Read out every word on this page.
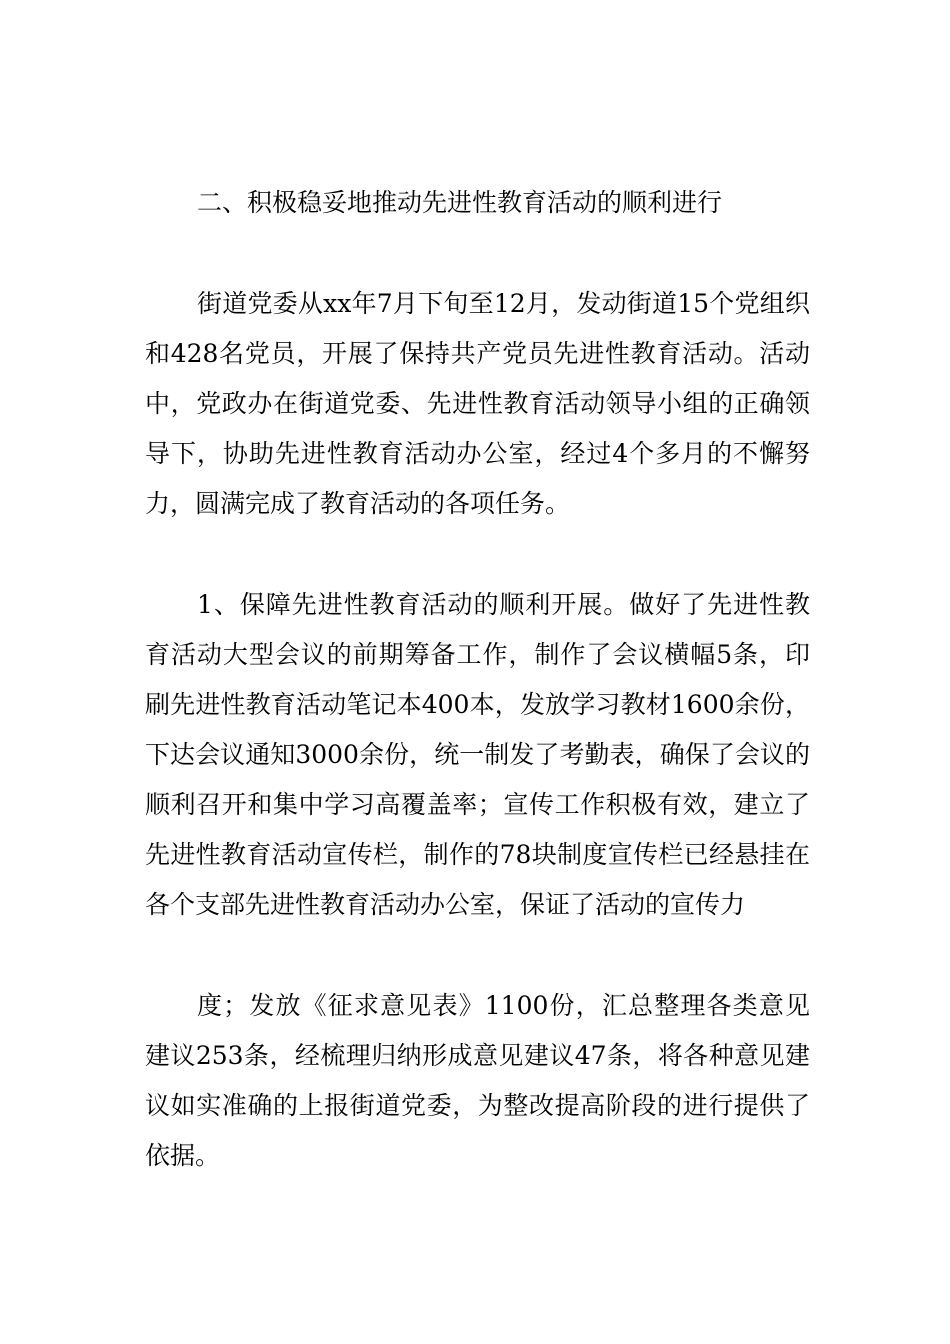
二、积极稳妥地推动先进性教育活动的顺利进行

街道党委从xx年7月下旬至12月，发动街道15个党组织和428名党员，开展了保持共产党员先进性教育活动。活动中，党政办在街道党委、先进性教育活动领导小组的正确领导下，协助先进性教育活动办公室，经过4个多月的不懈努力，圆满完成了教育活动的各项任务。

1、保障先进性教育活动的顺利开展。做好了先进性教育活动大型会议的前期筹备工作，制作了会议横幅5条，印刷先进性教育活动笔记本400本，发放学习教材1600余份，下达会议通知3000余份，统一制发了考勤表，确保了会议的顺利召开和集中学习高覆盖率；宣传工作积极有效，建立了先进性教育活动宣传栏，制作的78块制度宣传栏已经悬挂在各个支部先进性教育活动办公室，保证了活动的宣传力

度；发放《征求意见表》1100份，汇总整理各类意见建议253条，经梳理归纳形成意见建议47条，将各种意见建议如实准确的上报街道党委，为整改提高阶段的进行提供了依据。
